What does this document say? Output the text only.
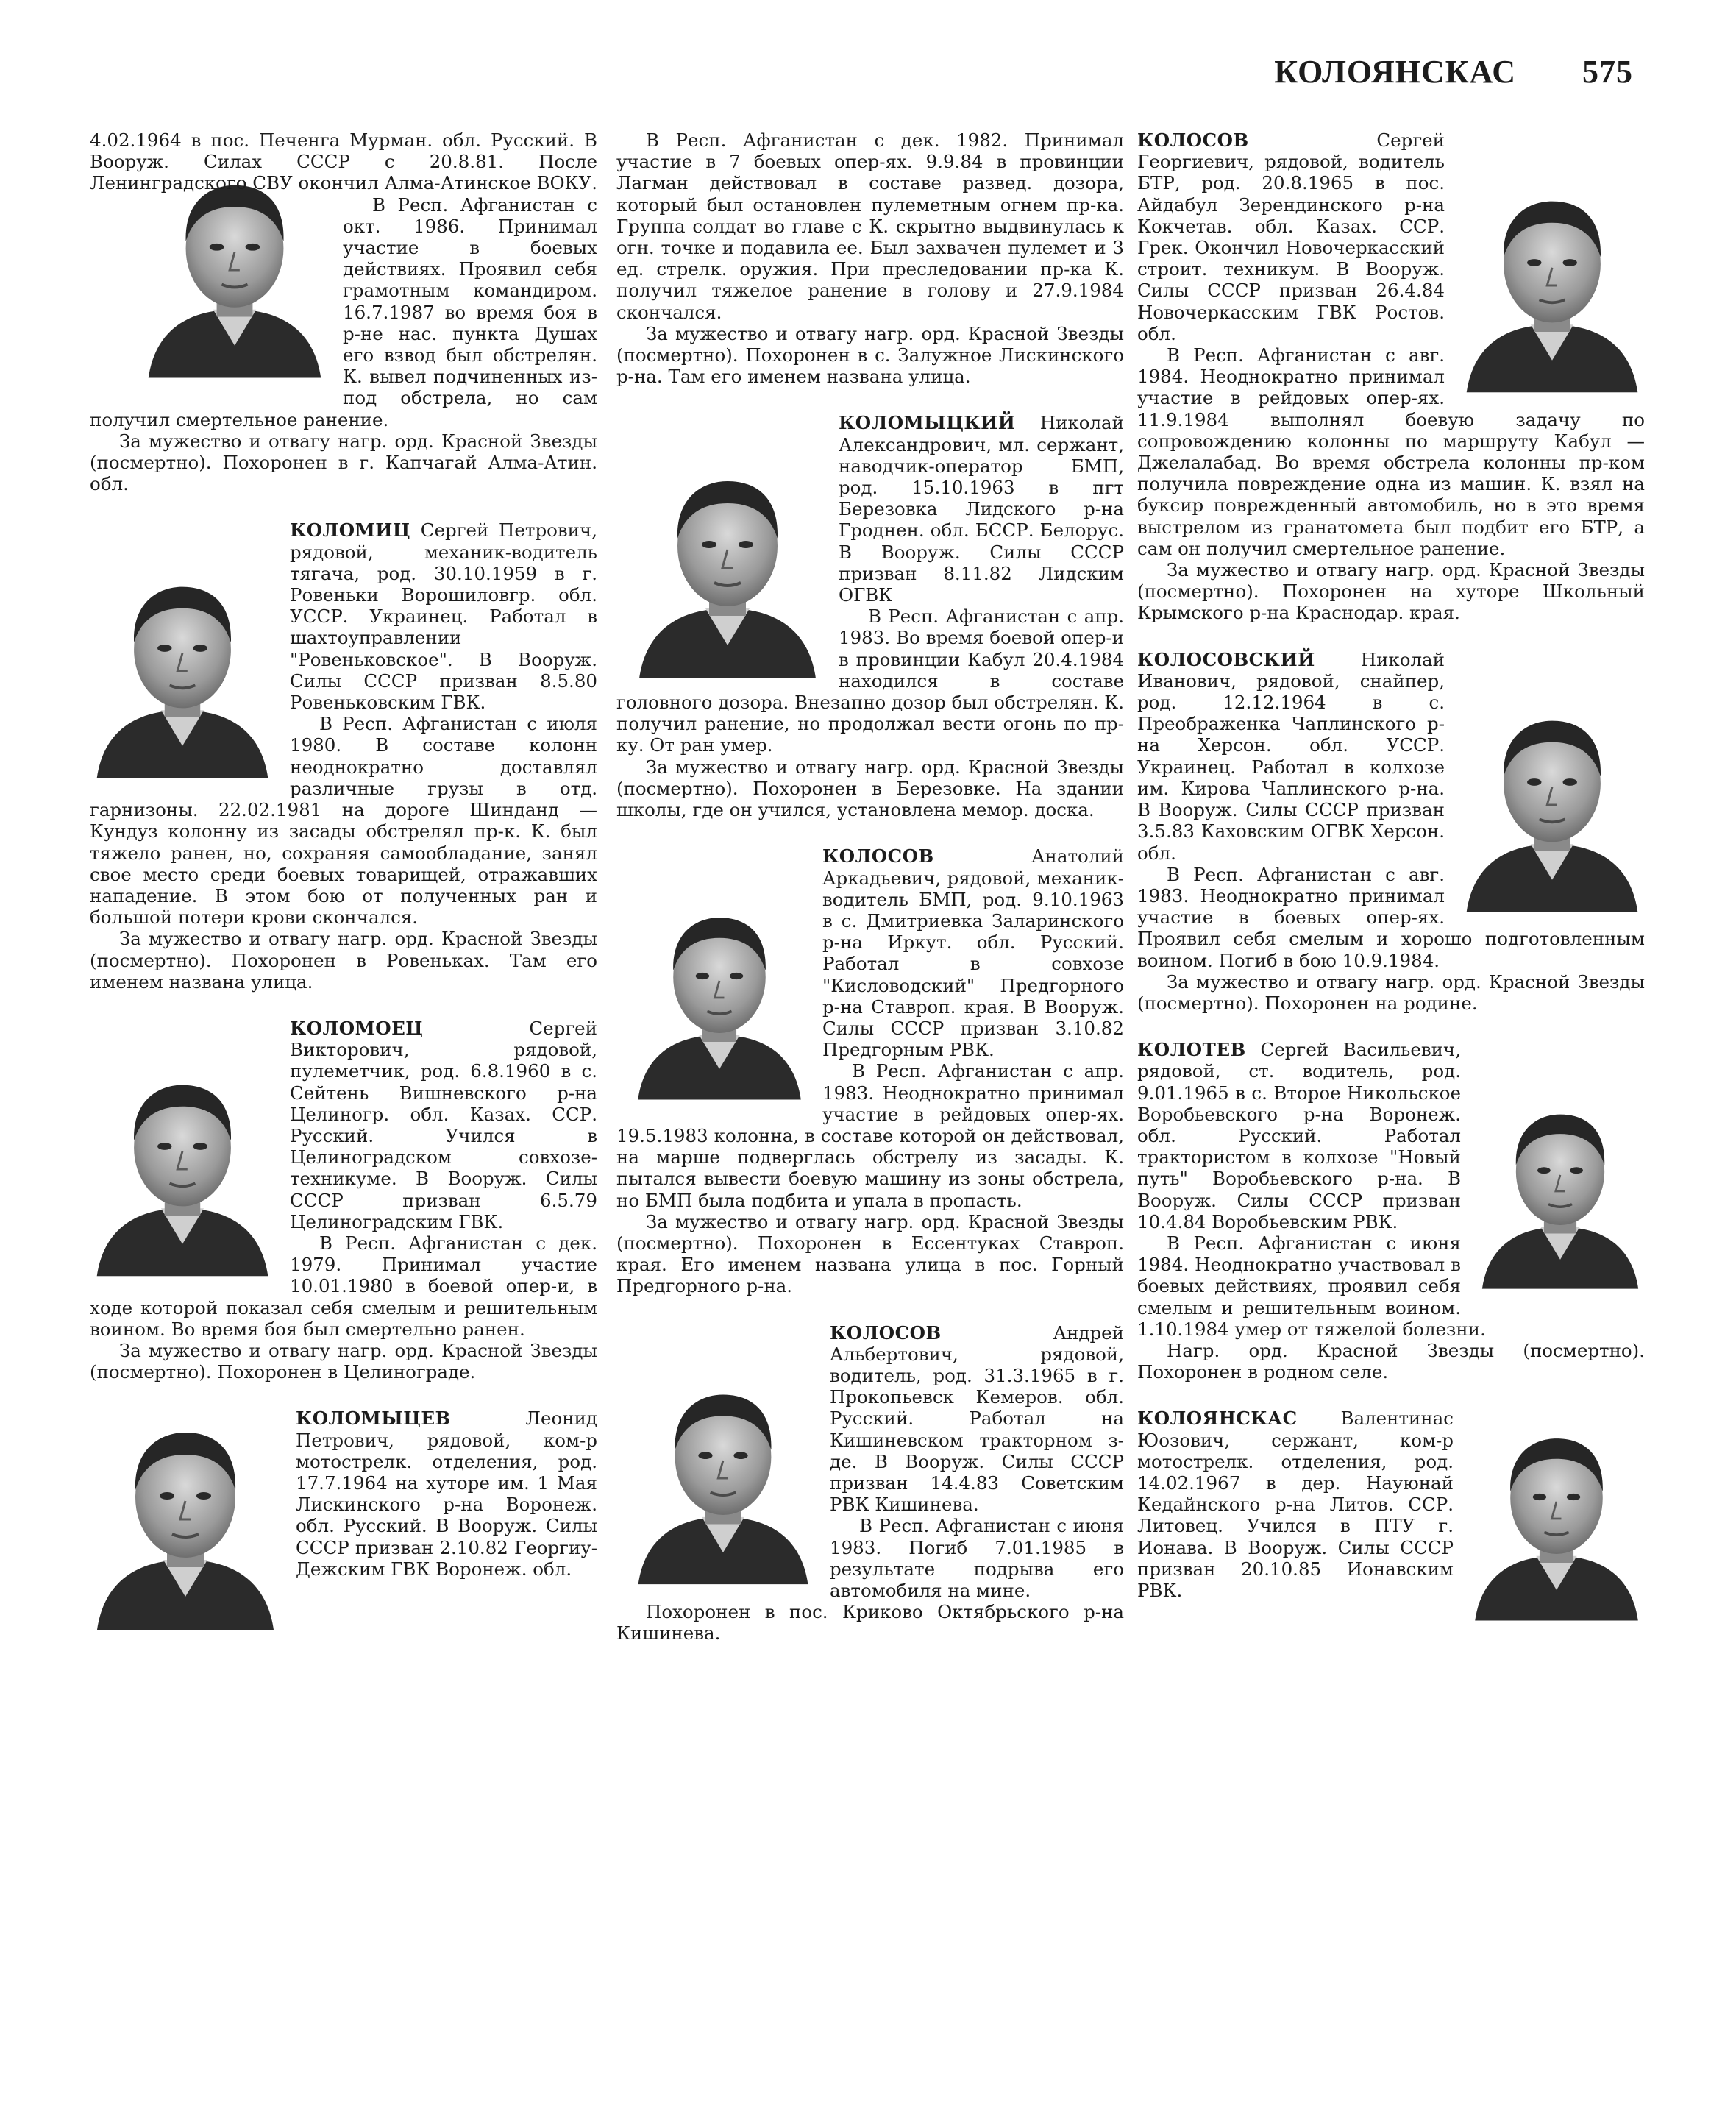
КОЛОЯНСКАС 575

4.02.1964 в пос. Печенга Мурман. обл. Русский. В Вооруж. Силах СССР с 20.8.81. После Ленинградского СВУ окончил Алма-Атинское ВОКУ.

В Респ. Афганистан с окт. 1986. Принимал участие в боевых действиях. Проявил себя грамотным командиром. 16.7.1987 во время боя в р-не нас. пункта Душах его взвод был обстрелян. К. вывел подчиненных из-под обстрела, но сам получил смертельное ранение.

За мужество и отвагу нагр. орд. Красной Звезды (посмертно). Похоронен в г. Капчагай Алма-Атин. обл.

КОЛОМИЦ Сергей Петрович, рядовой, механик-водитель тягача, род. 30.10.1959 в г. Ровеньки Ворошиловгр. обл. УССР. Украинец. Работал в шахтоуправлении "Ровеньковское". В Вооруж. Силы СССР призван 8.5.80 Ровеньковским ГВК.

В Респ. Афганистан с июля 1980. В составе колонн неоднократно доставлял различные грузы в отд. гарнизоны. 22.02.1981 на дороге Шинданд — Кундуз колонну из засады обстрелял пр-к. К. был тяжело ранен, но, сохраняя самообладание, занял свое место среди боевых товарищей, отражавших нападение. В этом бою от полученных ран и большой потери крови скончался.

За мужество и отвагу нагр. орд. Красной Звезды (посмертно). Похоронен в Ровеньках. Там его именем названа улица.

КОЛОМОЕЦ	Сергей Викторович, рядовой, пулеметчик, род. 6.8.1960 в с. Сейтень Вишневского р-на Целиногр. обл. Казах. ССР. Русский. Учился в Целиноградском совхозе-техникуме. В Вооруж. Силы СССР призван 6.5.79 Целиноградским ГВК.

В Респ. Афганистан с дек. 1979. Принимал участие 10.01.1980 в боевой опер-и, в ходе которой показал себя смелым и решительным воином. Во время боя был смертельно ранен.

За мужество и отвагу нагр. орд. Красной Звезды (посмертно). Похоронен в Целинограде.

КОЛОМЫЦЕВ	Леонид Петрович, рядовой, ком-р мотострелк. отделения, род. 17.7.1964 на хуторе им. 1 Мая Лискинского р-на Воронеж. обл. Русский. В Вооруж. Силы СССР призван 2.10.82 Георгиу-Дежским ГВК Воронеж. обл.

В Респ. Афганистан с дек. 1982. Принимал участие в 7 боевых опер-ях. 9.9.84 в провинции Лагман действовал в составе развед. дозора, который был остановлен пулеметным огнем пр-ка. Группа солдат во главе с К. скрытно выдвинулась к огн. точке и подавила ее. Был захвачен пулемет и 3 ед. стрелк. оружия. При преследовании пр-ка К. получил тяжелое ранение в голову и 27.9.1984 скончался.

За мужество и отвагу нагр. орд. Красной Звезды (посмертно). Похоронен в с. Залужное Лискинского р-на. Там его именем названа улица.

КОЛОМЫЦКИЙ Николай Александрович, мл. сержант, наводчик-оператор БМП, род. 15.10.1963 в пгт Березовка Лидского р-на Гроднен. обл. БССР. Белорус. В Вооруж. Силы СССР призван 8.11.82 Лидским ОГВК

В Респ. Афганистан с апр. 1983. Во время боевой опер-и в провинции Кабул 20.4.1984 находился в составе головного дозора. Внезапно дозор был обстрелян. К. получил ранение, но продолжал вести огонь по пр-ку. От ран умер.

За мужество и отвагу нагр. орд. Красной Звезды (посмертно). Похоронен в Березовке. На здании школы, где он учился, установлена мемор. доска.

КОЛОСОВ	Анатолий Аркадьевич, рядовой, механик-водитель БМП, род. 9.10.1963 в с. Дмитриевка Заларинского р-на Иркут. обл. Русский. Работал в совхозе "Кисловодский" Предгорного р-на Ставроп. края. В Вооруж. Силы СССР призван 3.10.82 Предгорным РВК.

В Респ. Афганистан с апр. 1983. Неоднократно принимал участие в рейдовых опер-ях. 19.5.1983 колонна, в составе которой он действовал, на марше подверглась обстрелу из засады. К. пытался вывести боевую машину из зоны обстрела, но БМП была подбита и упала в пропасть.

За мужество и отвагу нагр. орд. Красной Звезды (посмертно). Похоронен в Ессентуках Ставроп. края. Его именем названа улица в пос. Горный Предгорного р-на.

КОЛОСОВ	Андрей Альбертович, рядовой, водитель, род. 31.3.1965 в г. Прокопьевск Кемеров. обл. Русский. Работал на Кишиневском тракторном з-де. В Вооруж. Силы СССР призван 14.4.83 Советским РВК Кишинева.

В Респ. Афганистан с июня 1983. Погиб 7.01.1985 в результате подрыва его автомобиля на мине.

Похоронен в пос. Криково Октябрьского р-на Кишинева.

КОЛОСОВ	Сергей Георгиевич, рядовой, водитель БТР, род. 20.8.1965 в пос. Айдабул Зерендинского р-на Кокчетав. обл. Казах. ССР. Грек. Окончил Новочеркасский строит. техникум. В Вооруж. Силы СССР призван 26.4.84 Новочеркасским ГВК Ростов. обл.

В Респ. Афганистан с авг. 1984. Неоднократно принимал участие в рейдовых опер-ях. 11.9.1984 выполнял боевую задачу по сопровождению колонны по маршруту Кабул — Джелалабад. Во время обстрела колонны пр-ком получила повреждение одна из машин. К. взял на буксир поврежденный автомобиль, но в это время выстрелом из гранатомета был подбит его БТР, а сам он получил смертельное ранение.

За мужество и отвагу нагр. орд. Красной Звезды (посмертно). Похоронен на хуторе Школьный Крымского р-на Краснодар. края.

КОЛОСОВСКИЙ	Николай Иванович, рядовой, снайпер, род. 12.12.1964 в с. Преображенка Чаплинского р-на Херсон. обл. УССР. Украинец. Работал в колхозе им. Кирова Чаплинского р-на. В Вооруж. Силы СССР призван 3.5.83 Каховским ОГВК Херсон. обл.

В Респ. Афганистан с авг. 1983. Неоднократно принимал участие в боевых опер-ях. Проявил себя смелым и хорошо подготовленным воином. Погиб в бою 10.9.1984.

За мужество и отвагу нагр. орд. Красной Звезды (посмертно). Похоронен на родине.

КОЛОТЕВ Сергей Васильевич, рядовой, ст. водитель, род. 9.01.1965 в с. Второе Никольское Воробьевского р-на Воронеж. обл. Русский. Работал трактористом в колхозе "Новый путь" Воробьевского р-на. В Вооруж. Силы СССР призван 10.4.84 Воробьевским РВК.

В Респ. Афганистан с июня 1984. Неоднократно участвовал в боевых действиях, проявил себя смелым и решительным воином. 1.10.1984 умер от тяжелой болезни.

Нагр. орд. Красной Звезды (посмертно). Похоронен в родном селе.

КОЛОЯНСКАС Валентинас Юозович, сержант, ком-р мотострелк. отделения, род. 14.02.1967 в дер. Науюнай Кедайнского р-на Литов. ССР. Литовец. Учился в ПТУ г. Ионава. В Вооруж. Силы СССР призван 20.10.85 Ионавским РВК.
